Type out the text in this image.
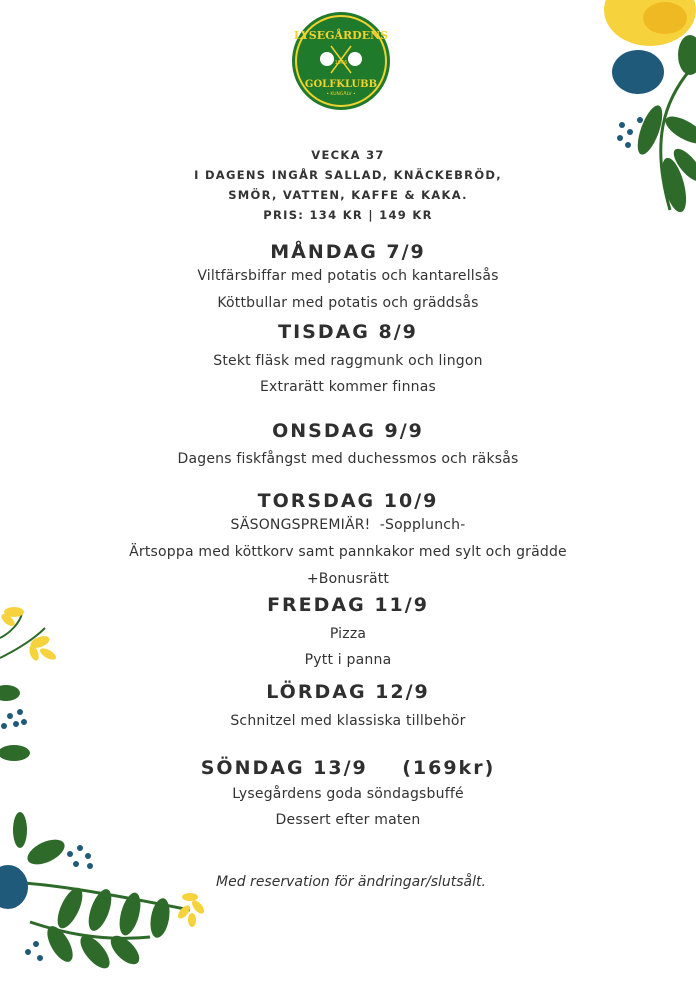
LYSEGÅRDENS
1966
GOLFKLUBB
• KUNGÄLV •
VECKA 37
I DAGENS INGÅR SALLAD, KNÄCKEBRÖD,
SMÖR, VATTEN, KAFFE & KAKA.
PRIS: 134 KR | 149 KR
MÅNDAG 7/9
Viltfärsbiffar med potatis och kantarellsås
Köttbullar med potatis och gräddsås
TISDAG 8/9
Stekt fläsk med raggmunk och lingon
Extrarätt kommer finnas
ONSDAG 9/9
Dagens fiskfångst med duchessmos och räksås
TORSDAG 10/9
SÄSONGSPREMIÄR!  -Sopplunch-
Ärtsoppa med köttkorv samt pannkakor med sylt och grädde
+Bonusrätt
FREDAG 11/9
Pizza
Pytt i panna
LÖRDAG 12/9
Schnitzel med klassiska tillbehör
SÖNDAG 13/9    (169kr)
Lysegårdens goda söndagsbuffé
Dessert efter maten
Med reservation för ändringar/slutsålt.
